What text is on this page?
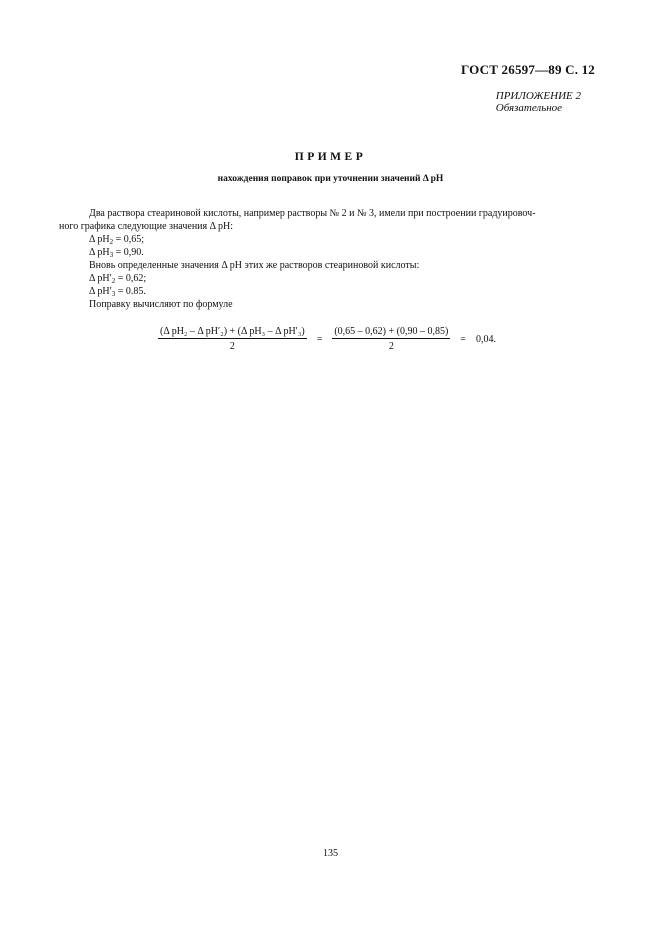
ГОСТ 26597—89 С. 12
ПРИЛОЖЕНИЕ 2

Обязательное
ПРИМЕР
нахождения поправок при уточнении значений Δ рН

Два раствора стеариновой кислоты, например растворы № 2 и № 3, имели при построении градуировоч-
ного графика следующие значения Δ рН:

Δ $рН_2 = 0,65$;

Δ $рН_3 = 0,90$.

Вновь определенные значения Δ рН этих же растворов стеариновой кислоты:

Δ $рН'_2 = 0,62$;

Δ $рН'_3 = 0.85$.

Поправку вычисляют по формуле

$\frac{\text{(Δ рН₂ – Δ рН′₂) + (Δ рН₃ – Δ рН′₃)}}{2} = \frac{(0,65 - 0,62) + (0,90 - 0,85)}{2} = 0,04$.
135
